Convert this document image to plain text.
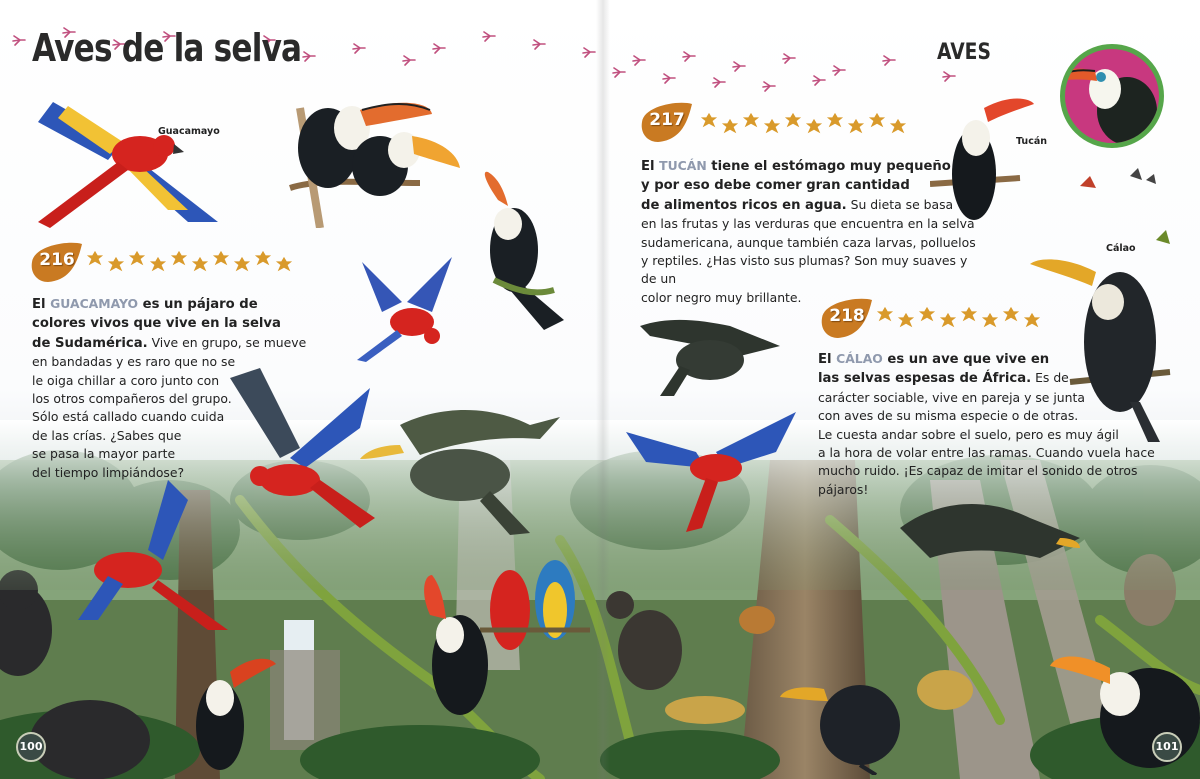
Aves de la selva	AVES
Guacamayo
Tucán
Cálao
216

El GUACAMAYO es un pájaro de
colores vivos que vive en la selva
de Sudamérica. Vive en grupo, se mueve
en bandadas y es raro que no se
le oiga chillar a coro junto con
los otros compañeros del grupo.
Sólo está callado cuando cuida
de las crías. ¿Sabes que
se pasa la mayor parte
del tiempo limpiándose?

217

El TUCÁN tiene el estómago muy pequeño
y por eso debe comer gran cantidad
de alimentos ricos en agua. Su dieta se basa
en las frutas y las verduras que encuentra en la selva
sudamericana, aunque también caza larvas, polluelos
y reptiles. ¿Has visto sus plumas? Son muy suaves y de un
color negro muy brillante.

218

El CÁLAO es un ave que vive en
las selvas espesas de África. Es de
carácter sociable, vive en pareja y se junta
con aves de su misma especie o de otras.
Le cuesta andar sobre el suelo, pero es muy ágil
a la hora de volar entre las ramas. Cuando vuela hace
mucho ruido. ¡Es capaz de imitar el sonido de otros pájaros!

100	101
